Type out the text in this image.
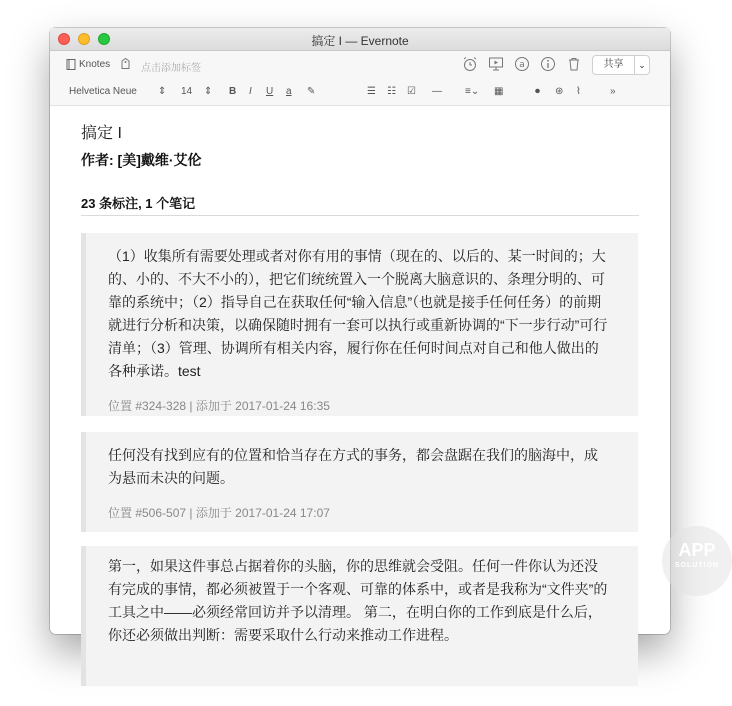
搞定 I — Evernote
Knotes	点击添加标签	a	共享	⌄
Helvetica Neue ⇕ 14 ⇕ B I U a ✎	☰ ☷ ☑ — ≡⌄ ▦	⏺ ⊛ ⌇	»
搞定 I
作者: [美]戴维·艾伦
23 条标注, 1 个笔记
（1）收集所有需要处理或者对你有用的事情（现在的、以后的、某一时间的；大的、小的、不大不小的），把它们统统置入一个脱离大脑意识的、条理分明的、可靠的系统中；（2）指导自己在获取任何“输入信息”（也就是接手任何任务）的前期就进行分析和决策，以确保随时拥有一套可以执行或重新协调的“下一步行动”可行清单；（3）管理、协调所有相关内容，履行你在任何时间点对自己和他人做出的各种承诺。test
位置 #324-328 | 添加于 2017-01-24 16:35
任何没有找到应有的位置和恰当存在方式的事务，都会盘踞在我们的脑海中，成为悬而未决的问题。
位置 #506-507 | 添加于 2017-01-24 17:07
第一，如果这件事总占据着你的头脑，你的思维就会受阻。任何一件你认为还没有完成的事情，都必须被置于一个客观、可靠的体系中，或者是我称为“文件夹”的工具之中——必须经常回访并予以清理。 第二，在明白你的工作到底是什么后，你还必须做出判断：需要采取什么行动来推动工作进程。
APP
SOLUTION
